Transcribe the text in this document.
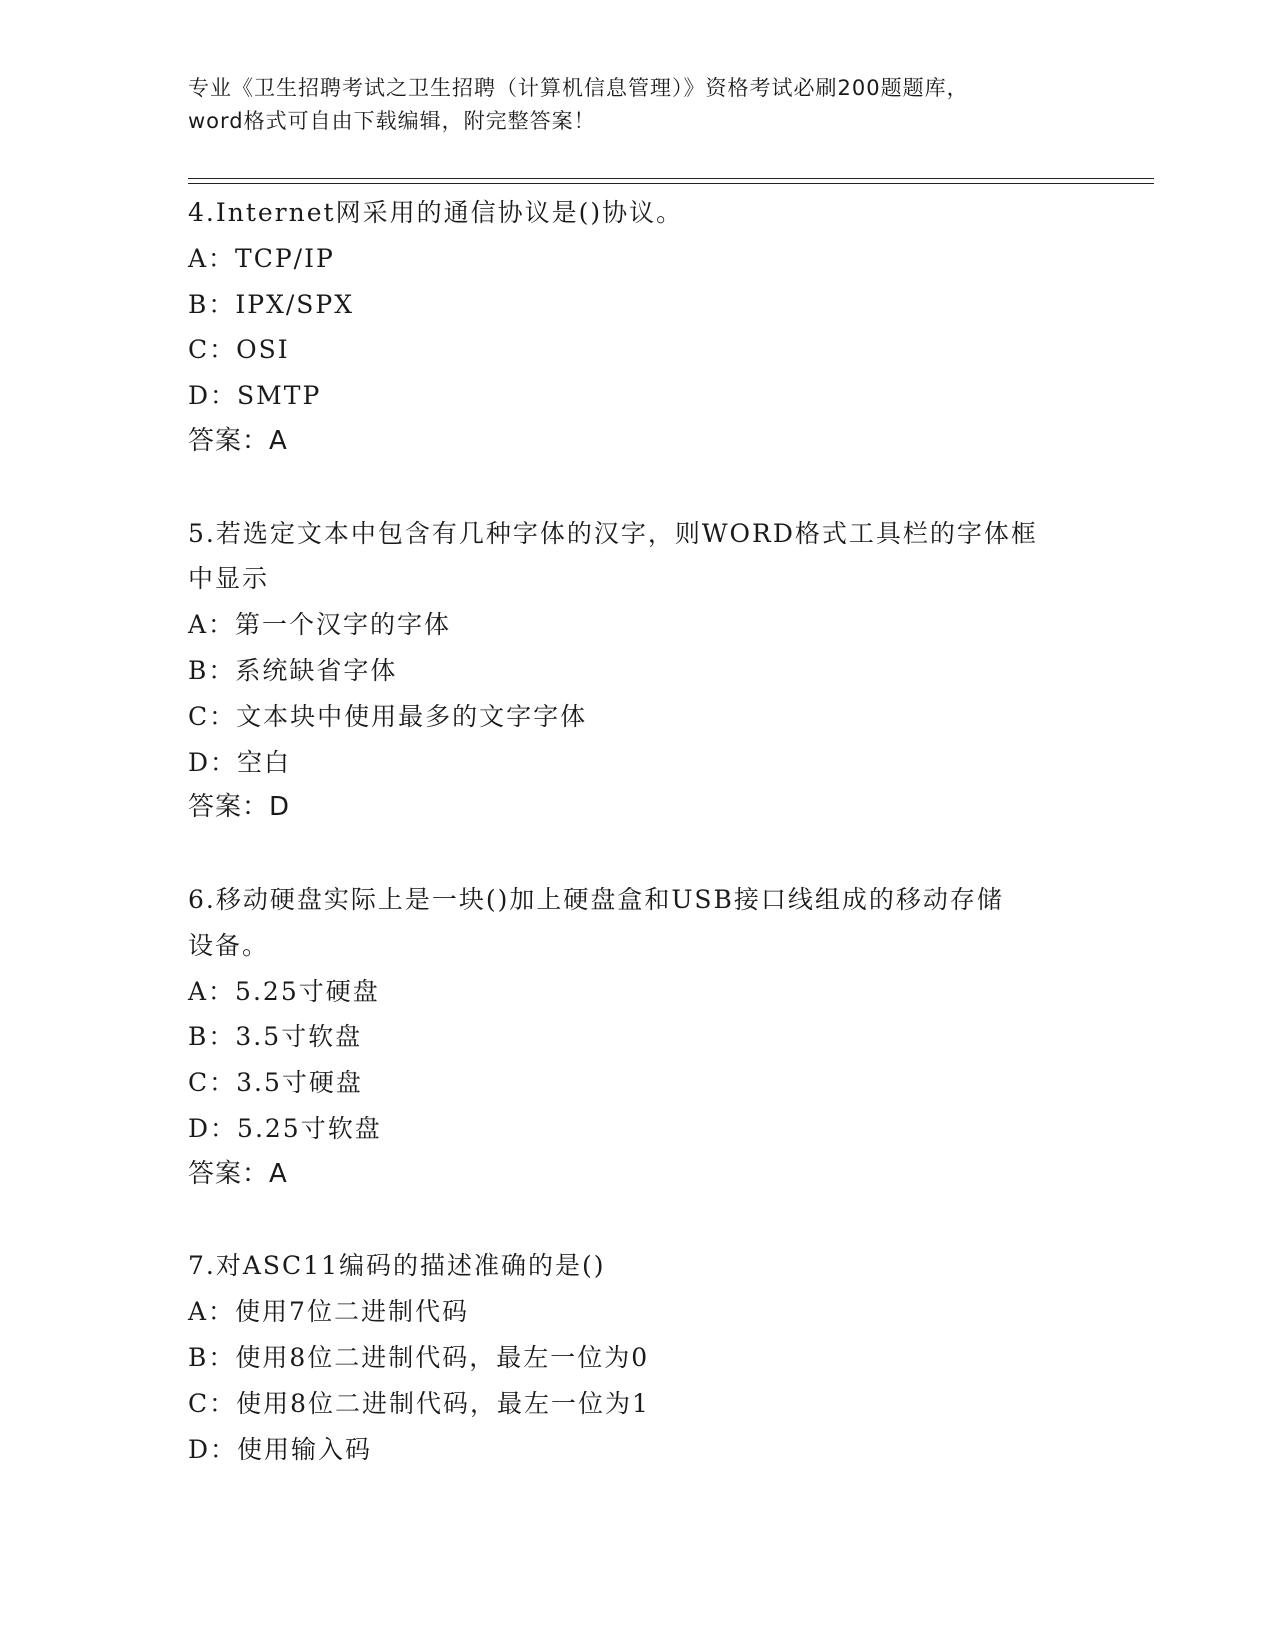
专业《卫生招聘考试之卫生招聘（计算机信息管理）》资格考试必刷200题题库，
word格式可自由下载编辑，附完整答案！
4.Internet网采用的通信协议是()协议。
A：TCP/IP
B：IPX/SPX
C：OSI
D：SMTP
答案：A
5.若选定文本中包含有几种字体的汉字，则WORD格式工具栏的字体框
中显示
A：第一个汉字的字体
B：系统缺省字体
C：文本块中使用最多的文字字体
D：空白
答案：D
6.移动硬盘实际上是一块()加上硬盘盒和USB接口线组成的移动存储
设备。
A：5.25寸硬盘
B：3.5寸软盘
C：3.5寸硬盘
D：5.25寸软盘
答案：A
7.对ASC11编码的描述准确的是()
A：使用7位二进制代码
B：使用8位二进制代码，最左一位为0
C：使用8位二进制代码，最左一位为1
D：使用输入码
